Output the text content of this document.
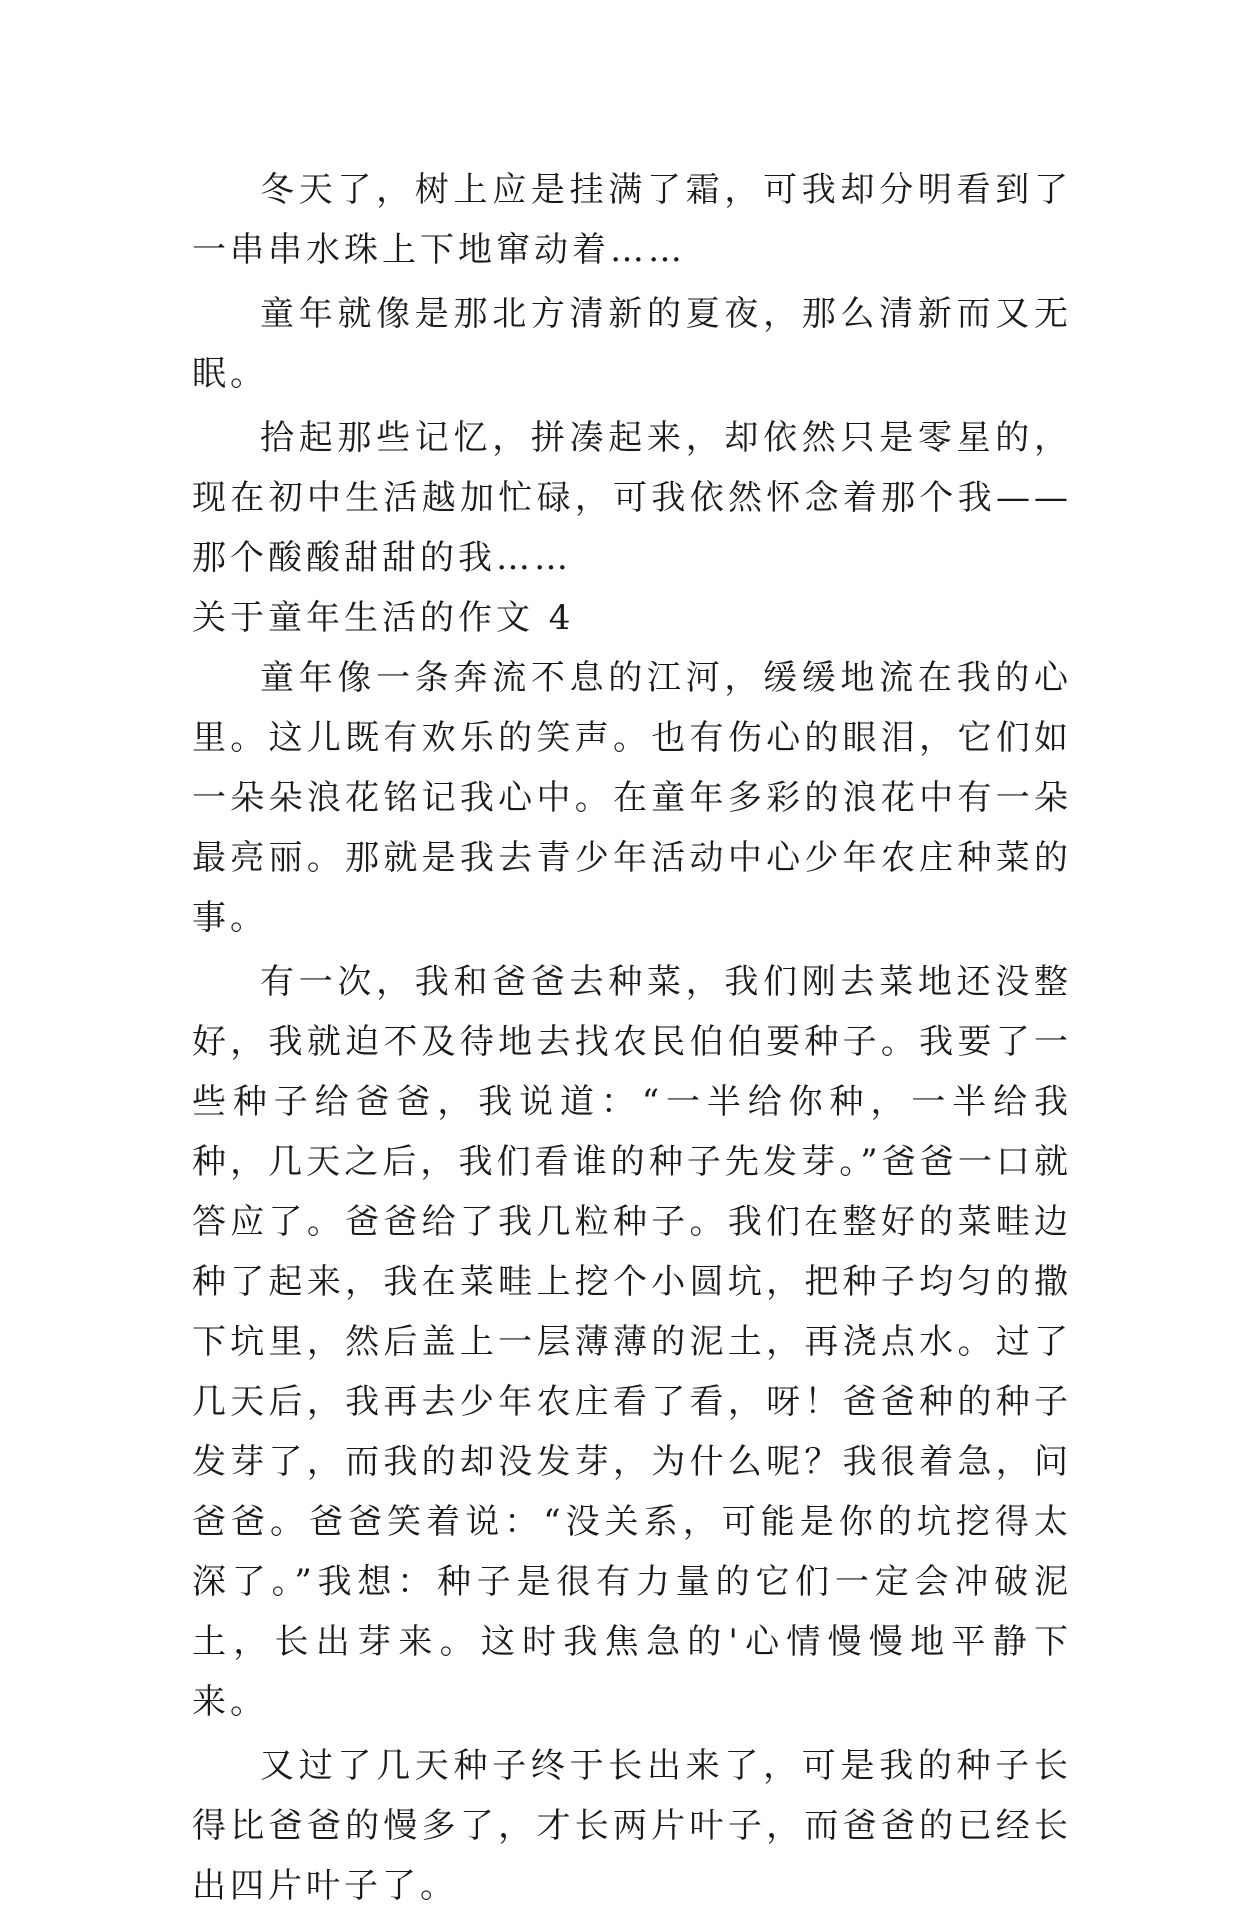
冬天了，树上应是挂满了霜，可我却分明看到了一串串水珠上下地窜动着……

童年就像是那北方清新的夏夜，那么清新而又无眠。

拾起那些记忆，拼凑起来，却依然只是零星的，现在初中生活越加忙碌，可我依然怀念着那个我——那个酸酸甜甜的我……

关于童年生活的作文 4

童年像一条奔流不息的江河，缓缓地流在我的心里。这儿既有欢乐的笑声。也有伤心的眼泪，它们如一朵朵浪花铭记我心中。在童年多彩的浪花中有一朵最亮丽。那就是我去青少年活动中心少年农庄种菜的事。

有一次，我和爸爸去种菜，我们刚去菜地还没整好，我就迫不及待地去找农民伯伯要种子。我要了一些种子给爸爸，我说道：“一半给你种，一半给我种，几天之后，我们看谁的种子先发芽。”爸爸一口就答应了。爸爸给了我几粒种子。我们在整好的菜畦边种了起来，我在菜畦上挖个小圆坑，把种子均匀的撒下坑里，然后盖上一层薄薄的泥土，再浇点水。过了几天后，我再去少年农庄看了看，呀！爸爸种的种子发芽了，而我的却没发芽，为什么呢？我很着急，问爸爸。爸爸笑着说：“没关系，可能是你的坑挖得太深了。”我想：种子是很有力量的它们一定会冲破泥土，长出芽来。这时我焦急的'心情慢慢地平静下来。

又过了几天种子终于长出来了，可是我的种子长得比爸爸的慢多了，才长两片叶子，而爸爸的已经长出四片叶子了。
